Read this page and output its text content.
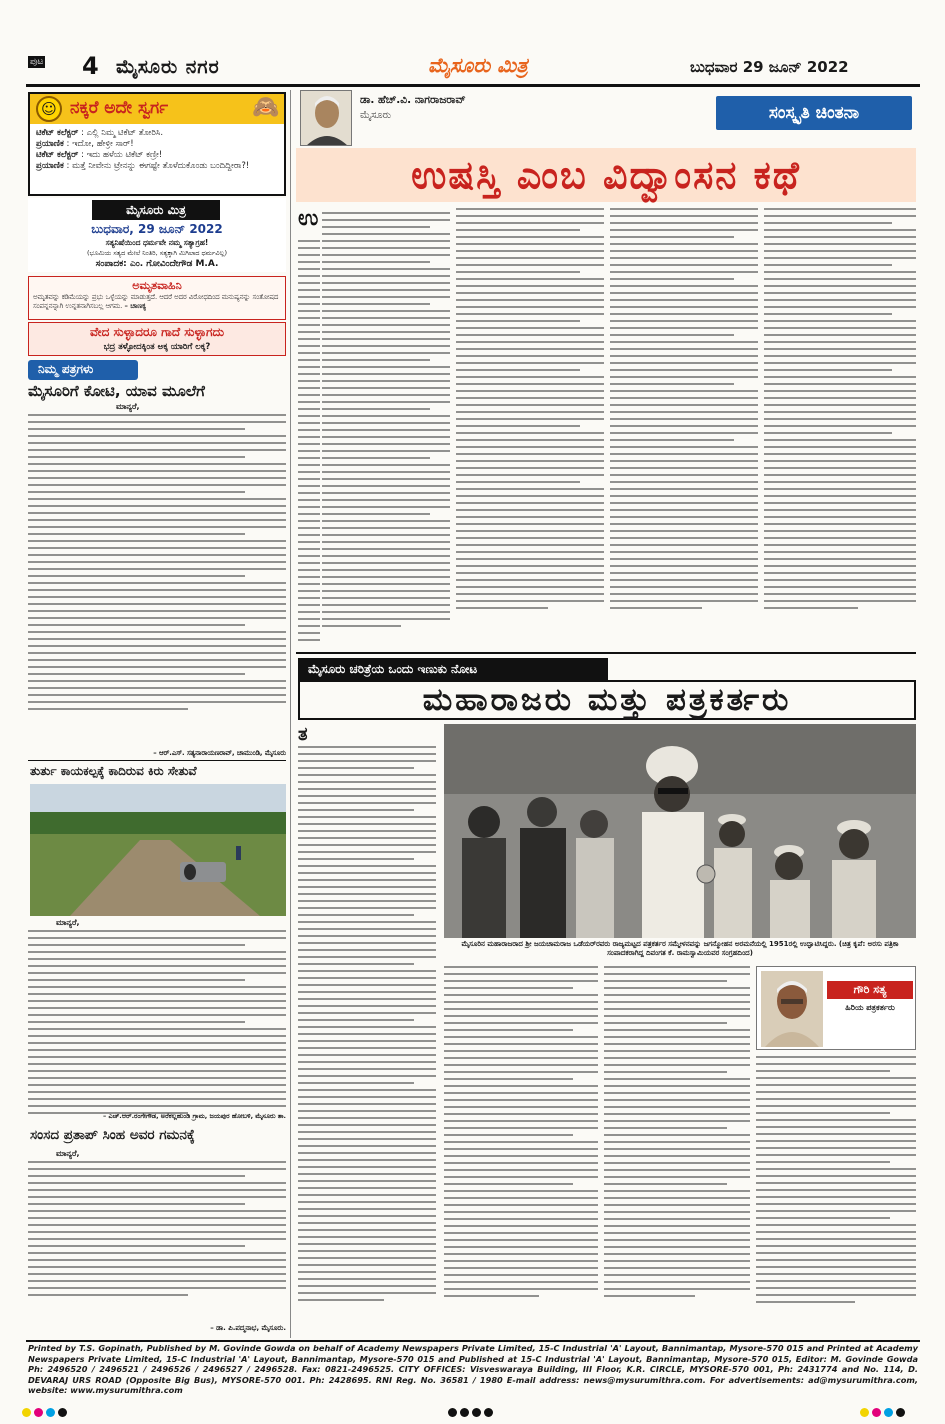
ಪುಟ 4 ಮೈಸೂರು ನಗರ	ಮೈಸೂರು ಮಿತ್ರ	ಬುಧವಾರ 29 ಜೂನ್ 2022
☺ ನಕ್ಕರೆ ಅದೇ ಸ್ವರ್ಗ	🙈
ಟಿಕೆಟ್ ಕಲೆಕ್ಟರ್ : ಎಲ್ಲಿ ನಿಮ್ಮ ಟಿಕೆಟ್ ತೋರಿಸಿ.
ಪ್ರಯಾಣಿಕ : ಇದೋ, ಹೇಳ್ರೀ ಸಾರ್!
ಟಿಕೆಟ್ ಕಲೆಕ್ಟರ್ : ಇದು ಹಳೆಯ ಟಿಕೆಟ್ ಕಣ್ರೀ!
ಪ್ರಯಾಣಿಕ : ಮತ್ತೆ ನೀವೇನು ಟ್ರೇನನ್ನು ಈಗಷ್ಟೇ ತೊಳೆದುಕೊಂಡು ಬಂದಿದ್ದೀರಾ?!
ಮೈಸೂರು ಮಿತ್ರ
ಬುಧವಾರ, 29 ಜೂನ್ 2022
ಸತ್ಯನಿಷೆಯಿಂದ ಧರ್ಮವೇ ನಮ್ಮ ಸತ್ಯಾಗ್ರಹ!
(ಭೂಮಿಯ ಸತ್ಯದ ಮೇಲೆ ನಿಂತಿರಿ, ಸತ್ಯಕ್ಕಾಗಿ ಮಿಗಿಲಾದ ಧರ್ಮವಿಲ್ಲ)
ಸಂಪಾದಕ: ಎಂ. ಗೋವಿಂದೇಗೌಡ M.A.
ಅಮೃತವಾಹಿನಿ
ಅಮೃತವನ್ನು ಕಡಿಮೆಯನ್ನು ಪ್ರಭು ಒಳ್ಳೆಯನ್ನು ಮಾಡುತ್ತದೆ. ಆದರೆ ಅದರ ವಿರೋಧದಿಂದ ಮನುಷ್ಯನನ್ನು ಸಂತೋಷದ ಸಂಪನ್ನನನ್ನಾಗಿ ಉನ್ನತನಾಗಿಸಬಲ್ಲ ಆಗಮ. – ಚಾಣಕ್ಯ
ವೇದ ಸುಳ್ಳಾದರೂ ಗಾದೆ ಸುಳ್ಳಾಗದು
ಭದ್ರ ತಳ್ಳೋದಕ್ಕಿಂತ ಅಕ್ಕ ಯಾರಿಗೆ ಲಕ್ಕ?
ನಿಮ್ಮ ಪತ್ರಗಳು
ಮೈಸೂರಿಗೆ ಕೋಟಿ, ಯಾವ ಮೂಲೆಗೆ
ಮಾನ್ಯರೆ,
– ಆರ್.ಎಸ್. ಸತ್ಯನಾರಾಯಣರಾವ್, ಚಾಮುಂಡಿ, ಮೈಸೂರು
ತುರ್ತು ಕಾಯಕಲ್ಪಕ್ಕೆ ಕಾದಿರುವ ಕಿರು ಸೇತುವೆ
ಮಾನ್ಯರೆ,
– ಎಚ್.ಆರ್.ರಂಗೇಗೌಡ, ಅರೆಕಲ್ಲಹುಂಡಿ ಗ್ರಾಮ, ಜಯಪುರ ಹೋಬಳಿ, ಮೈಸೂರು ತಾ.
ಸಂಸದ ಪ್ರತಾಪ್ ಸಿಂಹ ಅವರ ಗಮನಕ್ಕೆ
ಮಾನ್ಯರೆ,
– ಡಾ. ಪಿ.ಪದ್ಮನಾಭ, ಮೈಸೂರು.
ಡಾ. ಹೆಚ್.ವಿ. ನಾಗರಾಜರಾವ್
ಮೈಸೂರು	ಸಂಸ್ಕೃತಿ ಚಿಂತನಾ
ಉಷಸ್ತಿ ಎಂಬ ವಿದ್ವಾಂಸನ ಕಥೆ
ಉ
ಮೈಸೂರು ಚರಿತ್ರೆಯ ಒಂದು ಇಣುಕು ನೋಟ
ಮಹಾರಾಜರು ಮತ್ತು ಪತ್ರಕರ್ತರು
ತ
ಮೈಸೂರಿನ ಮಹಾರಾಜರಾದ ಶ್ರೀ ಜಯಚಾಮರಾಜ ಒಡೆಯರ್‌ರವರು ರಾಜ್ಯಮಟ್ಟದ ಪತ್ರಕರ್ತರ ಸಮ್ಮೇಳನವನ್ನು ಜಗನ್ಮೋಹನ ಅರಮನೆಯಲ್ಲಿ 1951ರಲ್ಲಿ ಉದ್ಘಾಟಿಸಿದ್ದರು. (ಚಿತ್ರ ಕೃಪೆ: ಅರಸು ಪತ್ರಿಕಾ ಸಂಪಾದಕರಾಗಿದ್ದ ದಿವಂಗತ ಕೆ. ರಾಮಸ್ವಾಮಿಯವರ ಸಂಗ್ರಹದಿಂದ)
ಗೌರಿ ಸತ್ಯ
ಹಿರಿಯ ಪತ್ರಕರ್ತರು
Printed by T.S. Gopinath, Published by M. Govinde Gowda on behalf of Academy Newspapers Private Limited, 15-C Industrial 'A' Layout, Bannimantap, Mysore-570 015 and Printed at Academy Newspapers Private Limited, 15-C Industrial 'A' Layout, Bannimantap, Mysore-570 015 and Published at 15-C Industrial 'A' Layout, Bannimantap, Mysore-570 015, Editor: M. Govinde Gowda Ph: 2496520 / 2496521 / 2496526 / 2496527 / 2496528. Fax: 0821-2496525. CITY OFFICES: Visveswaraya Building, III Floor, K.R. CIRCLE, MYSORE-570 001, Ph: 2431774 and No. 114, D. DEVARAJ URS ROAD (Opposite Big Bus), MYSORE-570 001. Ph: 2428695. RNI Reg. No. 36581 / 1980 E-mail address: news@mysurumithra.com. For advertisements: ad@mysurumithra.com, website: www.mysurumithra.com
